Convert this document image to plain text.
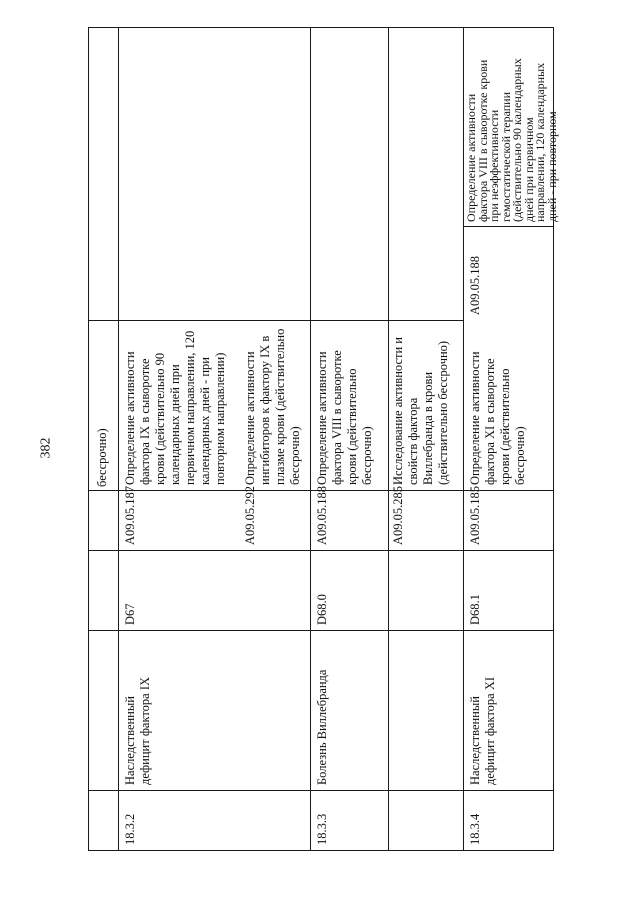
382	бессрочно)
18.3.2
Наследственный дефицит фактора IX
D67
A09.05.187
Определение активности фактора IX в сыворотке крови (действительно 90 календарных дней при первичном направлении, 120 календарных дней - при повторном направлении)
A09.05.292
Определение активности ингибиторов к фактору IX в плазме крови (действительно бессрочно)
18.3.3
Болезнь Виллебранда
D68.0
A09.05.188
Определение активности фактора VIII в сыворотке крови (действительно бессрочно)
A09.05.285
Исследование активности и свойств фактора Виллебранда в крови (действительно бессрочно)
18.3.4
Наследственный дефицит фактора XI
D68.1
A09.05.185
Определение активности фактора XI в сыворотке крови (действительно бессрочно)
A09.05.188
Определение активности
фактора VIII в сыворотке крови
при неэффективности
гемостатической терапии
(действительно 90 календарных
дней при первичном
направлении, 120 календарных
дней - при повторном
